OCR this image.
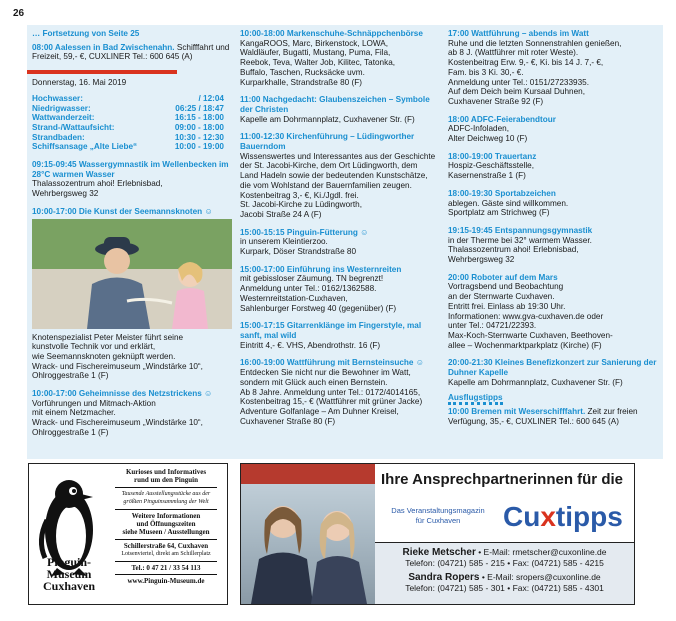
26

… Fortsetzung von Seite 25

08:00 Aalessen in Bad Zwischenahn. Schifffahrt und Freizeit, 59,- €, CUXLINER Tel.: 600 645 (A)

Donnerstag, 16. Mai 2019

Hochwasser:	/ 12:04
Niedrigwasser:	06:25 / 18:47
Wattwanderzeit:	16:15 - 18:00
Strand-/Wattaufsicht:	09:00 - 18:00
Strandbaden:	10:30 - 12:30
Schiffsansage „Alte Liebe“	10:00 - 19:00

09:15-09:45 Wassergymnastik im Wellenbecken im 28°C warmen Wasser

Thalassozentrum ahoi! Erlebnisbad,

Wehrbergsweg 32

10:00-17:00 Die Kunst der Seemannsknoten ☺

Knotenspezialist Peter Meister führt seine

kunstvolle Technik vor und erklärt,

wie Seemannsknoten geknüpft werden.

Wrack- und Fischereimuseum „Windstärke 10“,

Ohlroggestraße 1 (F)

10:00-17:00 Geheimnisse des Netzstrickens ☺

Vorführungen und Mitmach-Aktion

mit einem Netzmacher.

Wrack- und Fischereimuseum „Windstärke 10“,

Ohlroggestraße 1 (F)

10:00-18:00 Markenschuhe-Schnäppchenbörse

KangaROOS, Marc, Birkenstock, LOWA,

Waldläufer, Bugatti, Mustang, Puma, Fila,

Reebok, Teva, Walter Job, Kilitec, Tatonka,

Buffalo, Taschen, Rucksäcke uvm.

Kurparkhalle, Strandstraße 80 (F)

11:00 Nachgedacht: Glaubenszeichen – Symbole der Christen

Kapelle am Dohrmannplatz, Cuxhavener Str. (F)

11:00-12:30 Kirchenführung – Lüdingworther Bauerndom

Wissenswertes und Interessantes aus der Geschichte

der St. Jacobi-Kirche, dem Ort Lüdingworth, dem

Land Hadeln sowie der bedeutenden Kunstschätze,

die vom Wohlstand der Bauernfamilien zeugen.

Kostenbeitrag 3,- €, Ki./Jgdl. frei.

St. Jacobi-Kirche zu Lüdingworth,

Jacobi Straße 24 A (F)

15:00-15:15 Pinguin-Fütterung ☺

in unserem Kleintierzoo.

Kurpark, Döser Strandstraße 80

15:00-17:00 Einführung ins Westernreiten

mit gebissloser Zäumung. TN begrenzt!

Anmeldung unter Tel.: 0162/1362588.

Westernreitstation-Cuxhaven,

Sahlenburger Forstweg 40 (gegenüber) (F)

15:00-17:15 Gitarrenklänge im Fingerstyle, mal sanft, mal wild

Eintritt 4,- €. VHS, Abendrothstr. 16 (F)

16:00-19:00 Wattführung mit Bernsteinsuche ☺

Entdecken Sie nicht nur die Bewohner im Watt,

sondern mit Glück auch einen Bernstein.

Ab 8 Jahre. Anmeldung unter Tel.: 0172/4014165,

Kostenbeitrag 15,- € (Wattführer mit grüner Jacke)

Adventure Golfanlage – Am Duhner Kreisel,

Cuxhavener Straße 80 (F)

17:00 Wattführung – abends im Watt

Ruhe und die letzten Sonnenstrahlen genießen,

ab 8 J. (Wattführer mit roter Weste).

Kostenbeitrag Erw. 9,- €, Ki. bis 14 J. 7,- €,

Fam. bis 3 Ki. 30,- €.

Anmeldung unter Tel.: 0151/27233935.

Auf dem Deich beim Kursaal Duhnen,

Cuxhavener Straße 92 (F)

18:00 ADFC-Feierabendtour

ADFC-Infoladen,

Alter Deichweg 10 (F)

18:00-19:00 Trauertanz

Hospiz-Geschäftsstelle,

Kasernenstraße 1 (F)

18:00-19:30 Sportabzeichen

ablegen. Gäste sind willkommen.

Sportplatz am Strichweg (F)

19:15-19:45 Entspannungsgymnastik

in der Therme bei 32° warmem Wasser.

Thalassozentrum ahoi! Erlebnisbad,

Wehrbergsweg 32

20:00 Roboter auf dem Mars

Vortragsbend und Beobachtung

an der Sternwarte Cuxhaven.

Entritt frei. Einlass ab 19:30 Uhr.

Informationen: www.gva-cuxhaven.de oder

unter Tel.: 04721/22393.

Max-Koch-Sternwarte Cuxhaven, Beethoven-

allee – Wochenmarktparkplatz (Kirche) (F)

20:00-21:30 Kleines Benefizkonzert zur Sanierung der Duhner Kapelle

Kapelle am Dohrmannplatz, Cuxhavener Str. (F)

Ausflugstipps

10:00 Bremen mit Weserschifffahrt. Zeit zur freien Verfügung, 35,- €, CUXLINER Tel.: 600 645 (A)

Pinguin-
Museum
Cuxhaven
Kurioses und Informatives
rund um den Pinguin
Tausende Ausstellungsstücke aus der
größten Pinguinsammlung der Welt
Weitere Informationen
und Öffnungszeiten
siehe Museen / Ausstellungen
Schillerstraße 64, Cuxhaven
Lotsenviertel, direkt am Schillerplatz
Tel.: 0 47 21 / 33 54 113
www.Pinguin-Museum.de
Ihre Ansprechpartnerinnen für die
Das Veranstaltungsmagazin
für Cuxhaven	Cuxtipps
Rieke Metscher • E-Mail: rmetscher@cuxonline.de
Telefon: (04721) 585 - 215 • Fax: (04721) 585 - 4215
Sandra Ropers • E-Mail: sropers@cuxonline.de
Telefon: (04721) 585 - 301 • Fax: (04721) 585 - 4301
